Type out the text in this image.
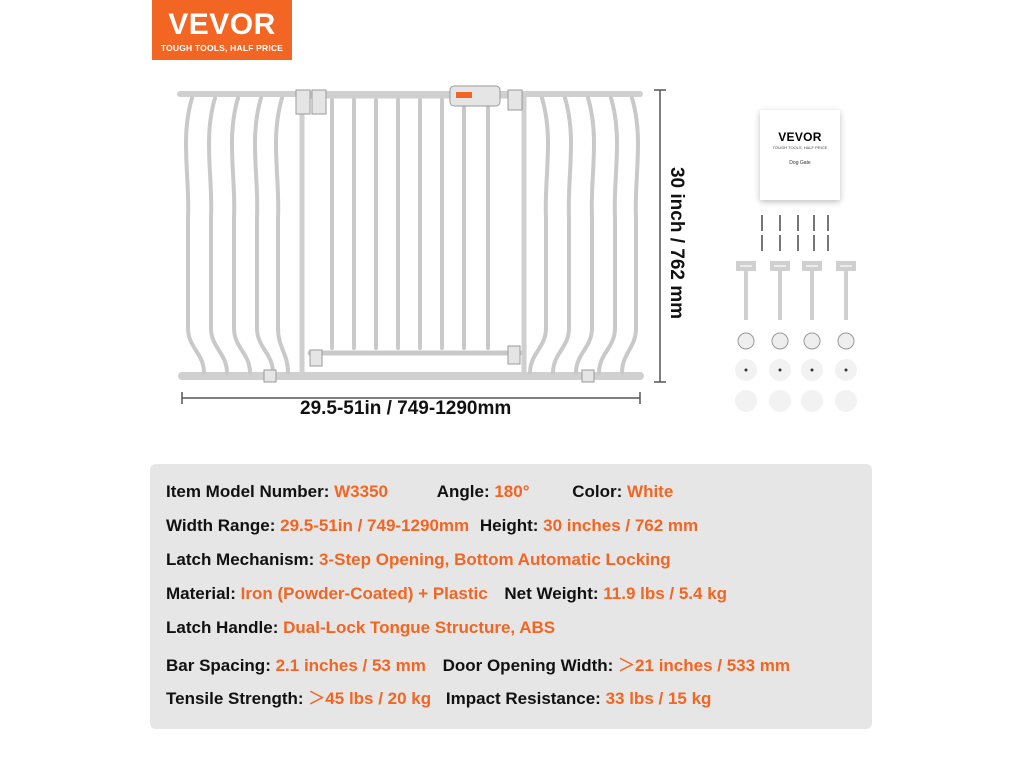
VEVOR
TOUGH TOOLS, HALF PRICE
30 inch / 762 mm
29.5-51in / 749-1290mm
VEVOR
TOUGH TOOLS, HALF PRICE
Dog Gate
Item Model Number: W3350	Angle: 180°	Color: White
Width Range: 29.5-51in / 749-1290mm Height: 30 inches / 762 mm
Latch Mechanism: 3-Step Opening, Bottom Automatic Locking
Material: Iron (Powder-Coated) + Plastic Net Weight: 11.9 lbs / 5.4 kg
Latch Handle: Dual-Lock Tongue Structure, ABS
Bar Spacing: 2.1 inches / 53 mm Door Opening Width: ＞21 inches / 533 mm
Tensile Strength: ＞45 lbs / 20 kg Impact Resistance: 33 lbs / 15 kg
